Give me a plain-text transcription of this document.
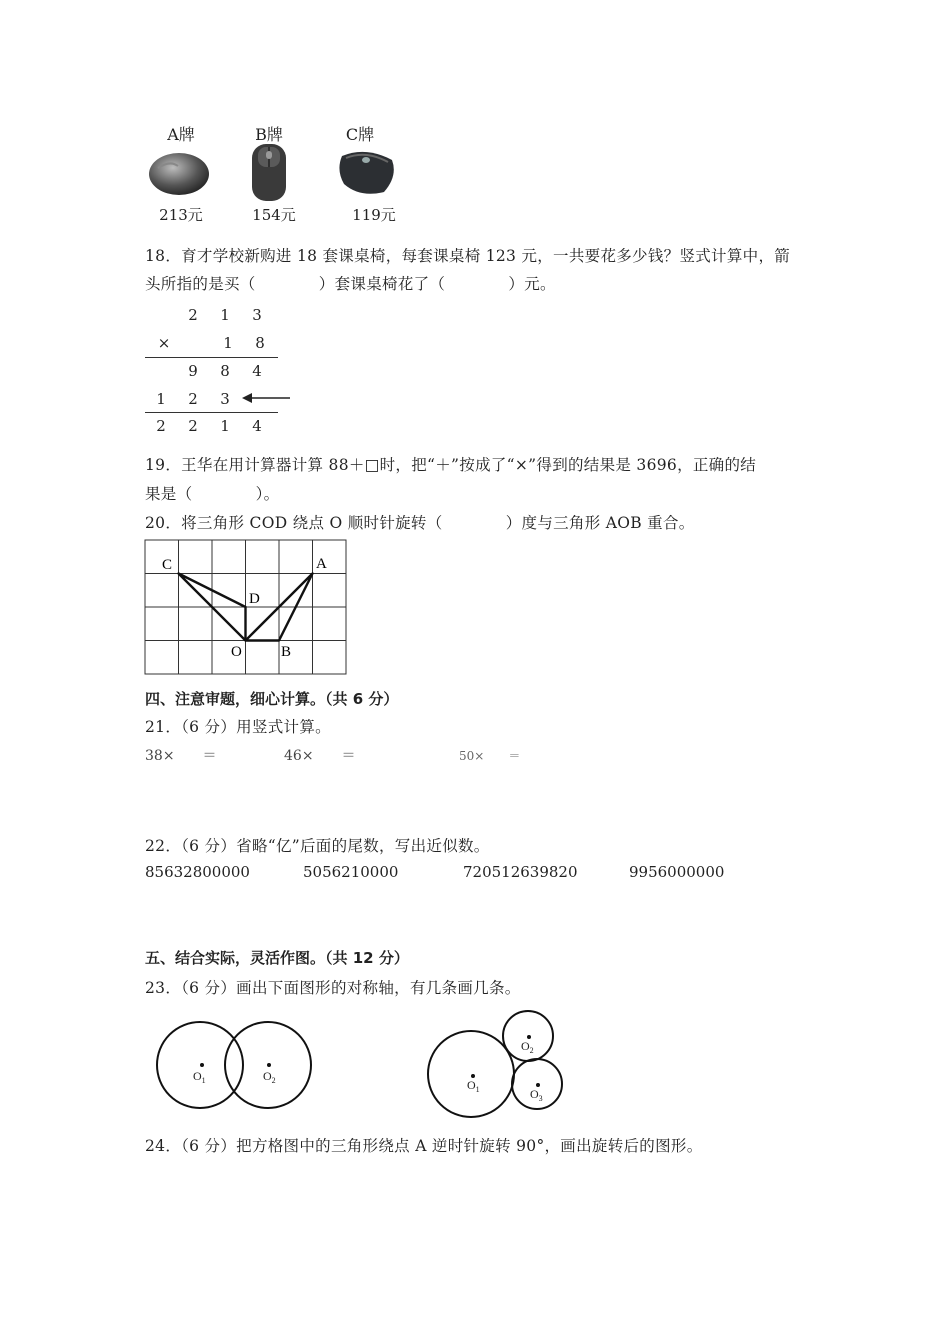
A牌
213元
B牌
154元
C牌
119元
18．育才学校新购进 18 套课桌椅，每套课桌椅 123 元，一共要花多少钱？竖式计算中，箭
头所指的是买（　　　　）套课桌椅花了（　　　　）元。
2 1 3
×	1 8
9 8 4
1 2 3
2 2 1 4
19．王华在用计算器计算 88＋□时，把“＋”按成了“×”得到的结果是 3696，正确的结
果是（　　　　）。
20．将三角形 COD 绕点 O 顺时针旋转（　　　　）度与三角形 AOB 重合。
C	A
D
O	B
四、注意审题，细心计算。（共 6 分）
21．（6 分）用竖式计算。
38×　　＝	46×　　＝	50×　　＝
22．（6 分）省略“亿”后面的尾数，写出近似数。
85632800000	5056210000	720512639820	9956000000
五、结合实际，灵活作图。（共 12 分）
23．（6 分）画出下面图形的对称轴，有几条画几条。
$O_1$	$O_2$	$O_1$
$O_2$
$O_3$
24．（6 分）把方格图中的三角形绕点 A 逆时针旋转 90°，画出旋转后的图形。
